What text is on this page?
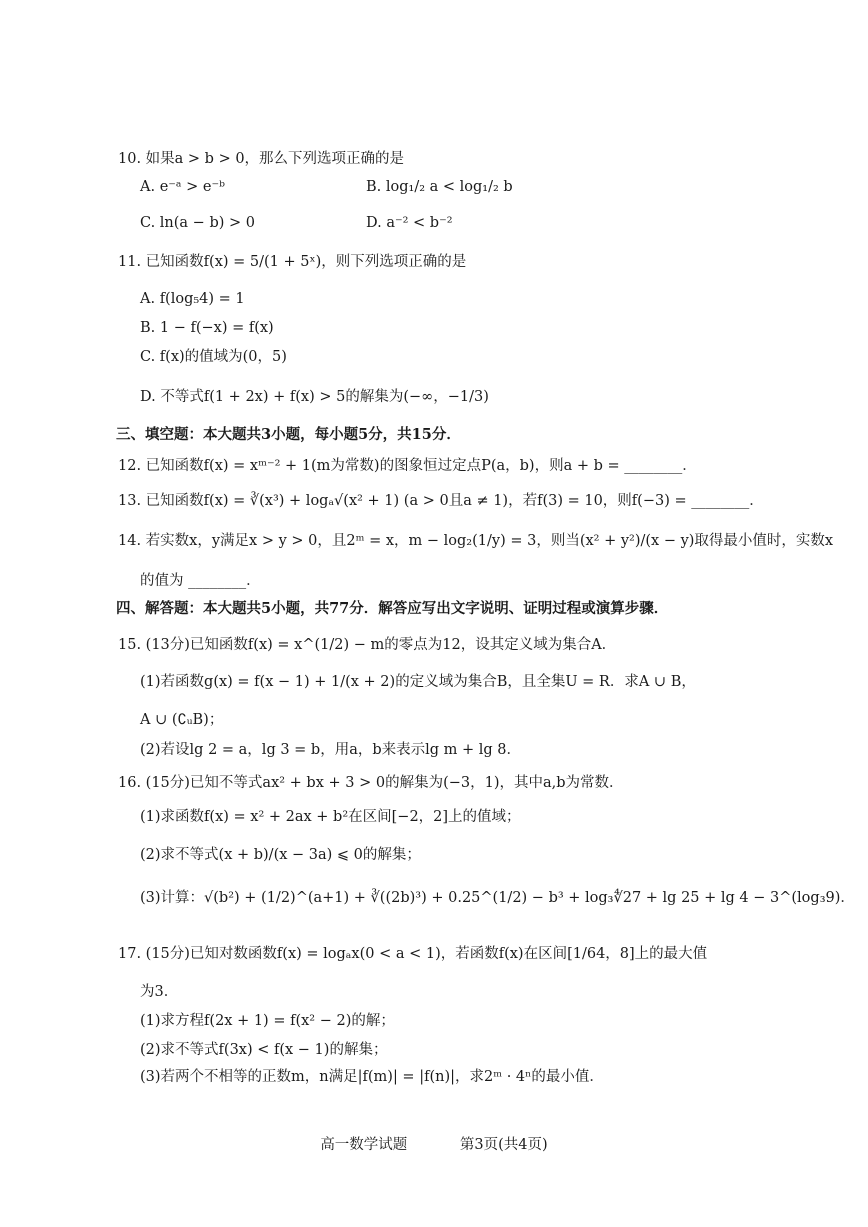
10. 如果a > b > 0，那么下列选项正确的是
A. e⁻ᵃ > e⁻ᵇ	B. log₁/₂ a < log₁/₂ b
C. ln(a − b) > 0	D. a⁻² < b⁻²
11. 已知函数f(x) = 5/(1 + 5ˣ)，则下列选项正确的是
A. f(log₅4) = 1
B. 1 − f(−x) = f(x)
C. f(x)的值域为(0，5)
D. 不等式f(1 + 2x) + f(x) > 5的解集为(−∞，−1/3)
三、填空题：本大题共3小题，每小题5分，共15分．
12. 已知函数f(x) = xᵐ⁻² + 1(m为常数)的图象恒过定点P(a，b)，则a + b = ________．
13. 已知函数f(x) = ∛(x³) + logₐ√(x² + 1) (a > 0且a ≠ 1)，若f(3) = 10，则f(−3) = ________．
14. 若实数x，y满足x > y > 0，且2ᵐ = x，m − log₂(1/y) = 3，则当(x² + y²)/(x − y)取得最小值时，实数x
的值为 ________．
四、解答题：本大题共5小题，共77分．解答应写出文字说明、证明过程或演算步骤．
15. (13分)已知函数f(x) = x^(1/2) − m的零点为12，设其定义域为集合A．
(1)若函数g(x) = f(x − 1) + 1/(x + 2)的定义域为集合B，且全集U = R．求A ∪ B，
A ∪ (∁ᵤB)；
(2)若设lg 2 = a，lg 3 = b，用a，b来表示lg m + lg 8．
16. (15分)已知不等式ax² + bx + 3 > 0的解集为(−3，1)，其中a,b为常数．
(1)求函数f(x) = x² + 2ax + b²在区间[−2，2]上的值域；
(2)求不等式(x + b)/(x − 3a) ⩽ 0的解集；
(3)计算：√(b²) + (1/2)^(a+1) + ∛((2b)³) + 0.25^(1/2) − b³ + log₃∜27 + lg 25 + lg 4 − 3^(log₃9)．
17. (15分)已知对数函数f(x) = logₐx(0 < a < 1)，若函数f(x)在区间[1/64，8]上的最大值
为3．
(1)求方程f(2x + 1) = f(x² − 2)的解；
(2)求不等式f(3x) < f(x − 1)的解集；
(3)若两个不相等的正数m，n满足|f(m)| = |f(n)|，求2ᵐ · 4ⁿ的最小值．
高一数学试题	第3页(共4页)
